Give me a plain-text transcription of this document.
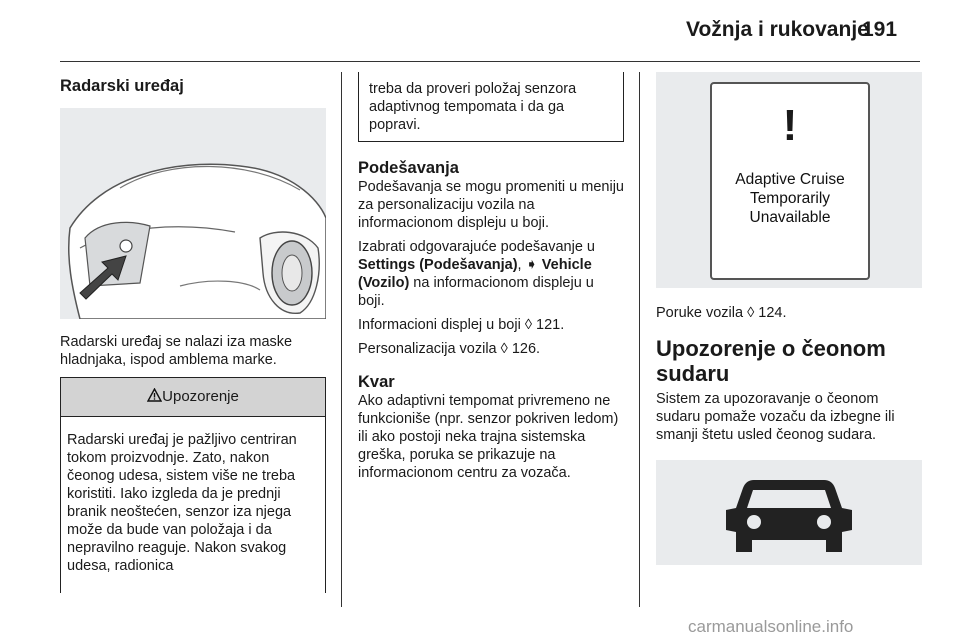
Vožnja i rukovanje
191
Radarski uređaj

Radarski uređaj se nalazi iza maske hladnjaka, ispod amblema marke.

Upozorenje
Radarski uređaj je pažljivo centriran tokom proizvodnje. Zato, nakon čeonog udesa, sistem više ne treba koristiti. Iako izgleda da je prednji branik neoštećen, senzor iza njega može da bude van položaja i da nepravilno reaguje. Nakon svakog udesa, radionica

treba da proveri položaj senzora adaptivnog tempomata i da ga popravi.

Podešavanja

Podešavanja se mogu promeniti u meniju za personalizaciju vozila na informacionom displeju u boji.

Izabrati odgovarajuće podešavanje u Settings (Podešavanja), ➧ Vehicle (Vozilo) na informacionom displeju u boji.

Informacioni displej u boji ◊ 121.

Personalizacija vozila ◊ 126.

Kvar

Ako adaptivni tempomat privremeno ne funkcioniše (npr. senzor pokriven ledom) ili ako postoji neka trajna sistemska greška, poruka se prikazuje na informacionom centru za vozača.

!
Adaptive Cruise
Temporarily
Unavailable

Poruke vozila ◊ 124.

Upozorenje o čeonom
sudaru

Sistem za upozoravanje o čeonom sudaru pomaže vozaču da izbegne ili smanji štetu usled čeonog sudara.

carmanualsonline.info
